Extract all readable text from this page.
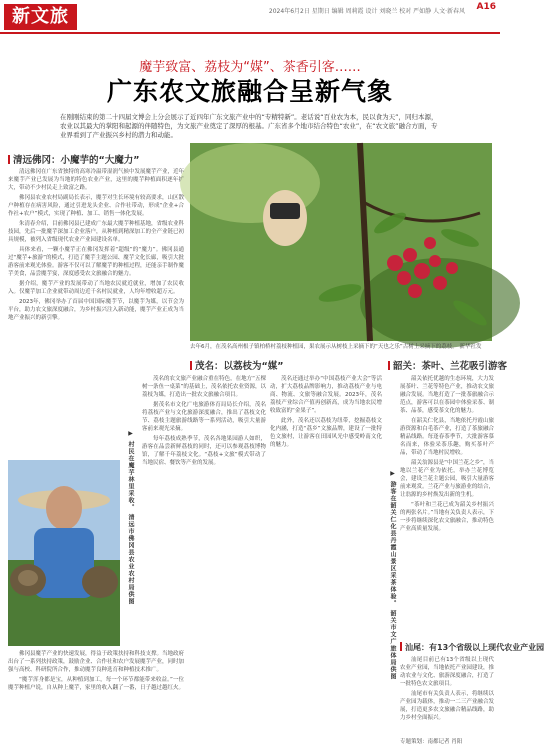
新文旅	2024年6月2日 星期日 编辑 周莉霞 设计 刘晓兰 校对 严如静 人文·新春风	A16
魔芋致富、荔枝为“媒”、茶香引客……
广东农文旅融合呈新气象
在刚刚结束的第二十四届文博会上分会展示了近四年广东文旅产业中的“专精特新”。老话说“百业农为本，民以食为天”，同归本源，农业以其最大的掌阳和起源的伴随特色，为文旅产业奠定了深厚的根基。广东省多个地市结合特色“农业”，在“农文旅”融合方面，专业界看到了产业振兴乡村的潜力和动能。
去年6月，在茂名高州根子镇柏桥村荔枝种植园，果农展示从树枝上采摘下的“天也之乐”古树上采摘下的荔枝。 新华社发
清远佛冈：小魔芋的“大魔力”

清远佛冈在广东省独特的高寒冷温带湿润气候中发展魔芋产业，近年来魔芋产业已发展为当地的特色农业产业，这里的魔芋种植面积逐年扩大，带动不少村民走上致富之路。

佛冈县农业农村局副局长表示，魔芋对生长环境有较高要求，山区散户种植存在病害风险，通过引进龙头企业、合作社带动，形成“企业+合作社+农户”模式，实现了种植、加工、销售一体化发展。

朱清春介绍，目前佛冈县已建成广东最大魔芋种植基地，省级农业科技园，先后一批魔芋深加工企业落户，从种植到精深加工的全产业链已初具规模，被列入省级现代农业产业园建设名单。

具体来看，一颗小魔芋正在佛冈发挥着“超级”的“魔力”。佛冈县通过“魔芋+旅游”的模式，打造了魔芋主题公园、魔芋文化长廊，吸引大批游客前来观光体验。游客不仅可以了解魔芋的种植过程，还能亲手制作魔芋美食，品尝魔芋宴，深度感受农文旅融合的魅力。

据介绍，魔芋产业的发展带动了当地农民就近就业，增加了农民收入。仅魔芋加工企业就带动周边近千名村民就业，人均年增收超万元。

2023年，佛冈举办了首届中国国际魔芋节，以魔芋为媒，以节会为平台，助力农文旅深度融合，为乡村振兴注入新动能，魔芋产业正成为当地产业振兴的新引擎。

佛冈县魔芋产业的快速发展，得益于政策扶持和科技支撑。当地政府出台了一系列扶持政策，鼓励企业、合作社和农户发展魔芋产业，同时加强与高校、科研院所合作，推动魔芋良种选育和种植技术推广。

“魔芋浑身都是宝，从种植到加工，每一个环节都能带来收益。”一位魔芋种植户说，自从种上魔芋，家里的收入翻了一番，日子越过越红火。

▶ 村民在魔芋林里采收。 清远市佛冈县农业农村局供图	▶ 游客在韶关仁化县丹霞山景区采茶体验。 韶关市文广旅体局供图
茂名：以荔枝为“媒”

茂名的农文旅产业融合重在特色，在地方“五棵树一条鱼一桌菜”的基础上，茂名依托农业资源，以荔枝为媒，打造出一批农文旅融合项目。

据茂名市文化广电旅游体育局局长介绍，茂名将荔枝产业与文化旅游深度融合，推出了荔枝文化节、荔枝主题旅游线路等一系列活动，吸引大量游客前来观光采摘。

每年荔枝成熟季节，茂名各地果园游人如织，游客在品尝新鲜荔枝的同时，还可以参观荔枝博物馆，了解千年荔枝文化。“荔枝+文旅”模式带动了当地民宿、餐饮等产业的发展。

茂名还通过举办“中国荔枝产业大会”等活动，扩大荔枝品牌影响力，推动荔枝产业与电商、物流、文旅等融合发展。2023年，茂名荔枝产业综合产值再创新高，成为当地农民增收致富的“金果子”。

此外，茂名还以荔枝为纽带，挖掘荔枝文化内涵，打造“荔乡”文旅品牌，建设了一批特色文旅村，让游客在田园风光中感受岭南文化的魅力。

韶关：茶叶、兰花吸引游客

韶关依托优越的生态环境，大力发展茶叶、兰花等特色产业，推动农文旅融合发展。当地打造了一批茶旅融合示范点，游客可以在茶园中体验采茶、制茶、品茶，感受茶文化的魅力。

在韶关仁化县，当地依托丹霞山旅游资源和白毛茶产业，打造了茶旅融合精品线路。每逢春茶季节，大批游客慕名而来，体验采茶乐趣，购买茶叶产品，带动了当地村民增收。

韶关翁源县是“中国兰花之乡”，当地以兰花产业为依托，举办兰花博览会，建设兰花主题公园，吸引大量游客前来观赏。兰花产业与旅游业的结合，让翁源的乡村焕发出新的生机。

“茶叶和兰花已成为韶关乡村振兴的两张名片。”当地有关负责人表示，下一步将继续深化农文旅融合，推动特色产业高质量发展。

汕尾：有13个省级以上现代农业产业园

汕尾目前已有13个省级以上现代农业产业园，当地依托产业园建设，推动农业与文化、旅游深度融合，打造了一批特色农文旅项目。

汕尾市有关负责人表示，将继续以产业园为载体，推动一二三产业融合发展，打造更多农文旅融合精品线路，助力乡村全面振兴。

专题策划：南都记者 肖阳
